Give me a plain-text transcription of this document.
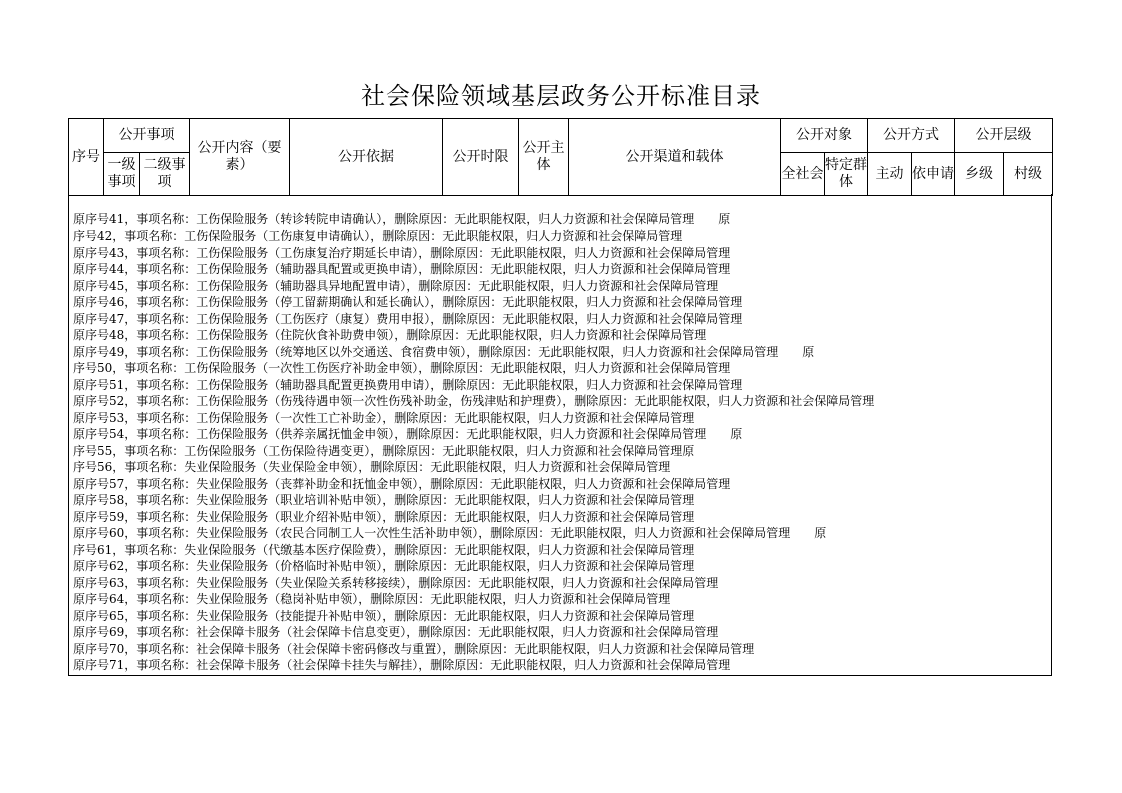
社会保险领域基层政务公开标准目录
序号	公开事项		公开内容（要素）	公开依据	公开时限	公开主体	公开渠道和载体	公开对象		公开方式		公开层级	
	一级事项	二级事项						全社会	特定群体	主动	依申请	乡级	村级
原序号41，事项名称：工伤保险服务（转诊转院申请确认），删除原因：无此职能权限，归人力资源和社会保障局管理　　原
序号42，事项名称：工伤保险服务（工伤康复申请确认），删除原因：无此职能权限，归人力资源和社会保障局管理
原序号43，事项名称：工伤保险服务（工伤康复治疗期延长申请），删除原因：无此职能权限，归人力资源和社会保障局管理
原序号44，事项名称：工伤保险服务（辅助器具配置或更换申请），删除原因：无此职能权限，归人力资源和社会保障局管理
原序号45，事项名称：工伤保险服务（辅助器具异地配置申请），删除原因：无此职能权限，归人力资源和社会保障局管理
原序号46，事项名称：工伤保险服务（停工留薪期确认和延长确认），删除原因：无此职能权限，归人力资源和社会保障局管理
原序号47，事项名称：工伤保险服务（工伤医疗（康复）费用申报），删除原因：无此职能权限，归人力资源和社会保障局管理
原序号48，事项名称：工伤保险服务（住院伙食补助费申领），删除原因：无此职能权限，归人力资源和社会保障局管理
原序号49，事项名称：工伤保险服务（统筹地区以外交通送、食宿费申领），删除原因：无此职能权限，归人力资源和社会保障局管理　　原
序号50，事项名称：工伤保险服务（一次性工伤医疗补助金申领），删除原因：无此职能权限，归人力资源和社会保障局管理
原序号51，事项名称：工伤保险服务（辅助器具配置更换费用申请），删除原因：无此职能权限，归人力资源和社会保障局管理
原序号52，事项名称：工伤保险服务（伤残待遇申领一次性伤残补助金，伤残津贴和护理费），删除原因：无此职能权限，归人力资源和社会保障局管理
原序号53，事项名称：工伤保险服务（一次性工亡补助金），删除原因：无此职能权限，归人力资源和社会保障局管理
原序号54，事项名称：工伤保险服务（供养亲属抚恤金申领），删除原因：无此职能权限，归人力资源和社会保障局管理　　原
序号55，事项名称：工伤保险服务（工伤保险待遇变更），删除原因：无此职能权限，归人力资源和社会保障局管理原
序号56，事项名称：失业保险服务（失业保险金申领），删除原因：无此职能权限，归人力资源和社会保障局管理
原序号57，事项名称：失业保险服务（丧葬补助金和抚恤金申领），删除原因：无此职能权限，归人力资源和社会保障局管理
原序号58，事项名称：失业保险服务（职业培训补贴申领），删除原因：无此职能权限，归人力资源和社会保障局管理
原序号59，事项名称：失业保险服务（职业介绍补贴申领），删除原因：无此职能权限，归人力资源和社会保障局管理
原序号60，事项名称：失业保险服务（农民合同制工人一次性生活补助申领），删除原因：无此职能权限，归人力资源和社会保障局管理　　原
序号61，事项名称：失业保险服务（代缴基本医疗保险费），删除原因：无此职能权限，归人力资源和社会保障局管理
原序号62，事项名称：失业保险服务（价格临时补贴申领），删除原因：无此职能权限，归人力资源和社会保障局管理
原序号63，事项名称：失业保险服务（失业保险关系转移接续），删除原因：无此职能权限，归人力资源和社会保障局管理
原序号64，事项名称：失业保险服务（稳岗补贴申领），删除原因：无此职能权限，归人力资源和社会保障局管理
原序号65，事项名称：失业保险服务（技能提升补贴申领），删除原因：无此职能权限，归人力资源和社会保障局管理
原序号69，事项名称：社会保障卡服务（社会保障卡信息变更），删除原因：无此职能权限，归人力资源和社会保障局管理
原序号70，事项名称：社会保障卡服务（社会保障卡密码修改与重置），删除原因：无此职能权限，归人力资源和社会保障局管理
原序号71，事项名称：社会保障卡服务（社会保障卡挂失与解挂），删除原因：无此职能权限，归人力资源和社会保障局管理
